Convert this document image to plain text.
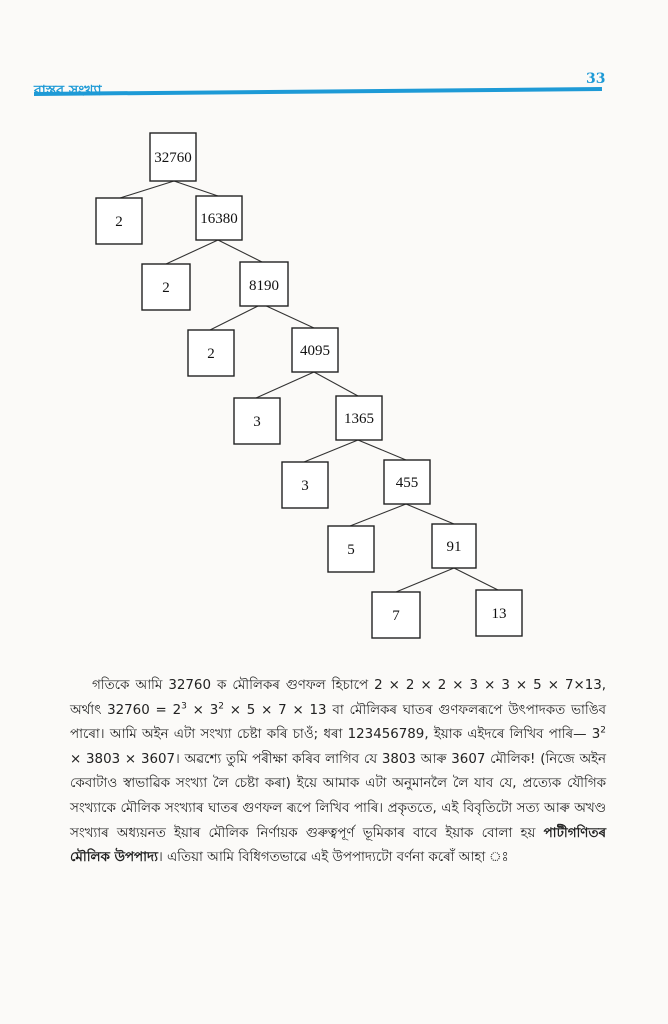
বাস্তৱ সংখ্যা
33
32760
2	16380
2	8190
2	4095
3	1365
3	455
5	91
7	13

গতিকে আমি 32760 ক মৌলিকৰ গুণফল হিচাপে 2 × 2 × 2 × 3 × 3 × 5 × 7×13, অৰ্থাৎ $32760 = 2^3 \times 3^2 \times 5 \times 7 \times 13$ বা মৌলিকৰ ঘাতৰ গুণফলৰূপে উৎপাদকত ভাঙিব পাৰো। আমি অইন এটা সংখ্যা চেষ্টা কৰি চাওঁ; ধৰা 123456789, ইয়াক এইদৰে লিখিব পাৰি— $3^2 \times 3803$ × 3607। অৱশ্যে তুমি পৰীক্ষা কৰিব লাগিব যে 3803 আৰু 3607 মৌলিক! (নিজে অইন কেবাটাও স্বাভাৱিক সংখ্যা লৈ চেষ্টা কৰা) ইয়ে আমাক এটা অনুমানলৈ লৈ যাব যে, প্ৰত্যেক যৌগিক সংখ্যাকে মৌলিক সংখ্যাৰ ঘাতৰ গুণফল ৰূপে লিখিব পাৰি। প্ৰকৃততে, এই বিবৃতিটো সত্য আৰু অখণ্ড সংখ্যাৰ অধ্যয়নত ইয়াৰ মৌলিক নিৰ্ণায়ক গুৰুত্বপূৰ্ণ ভূমিকাৰ বাবে ইয়াক বোলা হয় পাটীগণিতৰ মৌলিক উপপাদ্য। এতিয়া আমি বিধিগতভাৱে এই উপপাদ্যটো বৰ্ণনা কৰোঁ আহা ঃ
